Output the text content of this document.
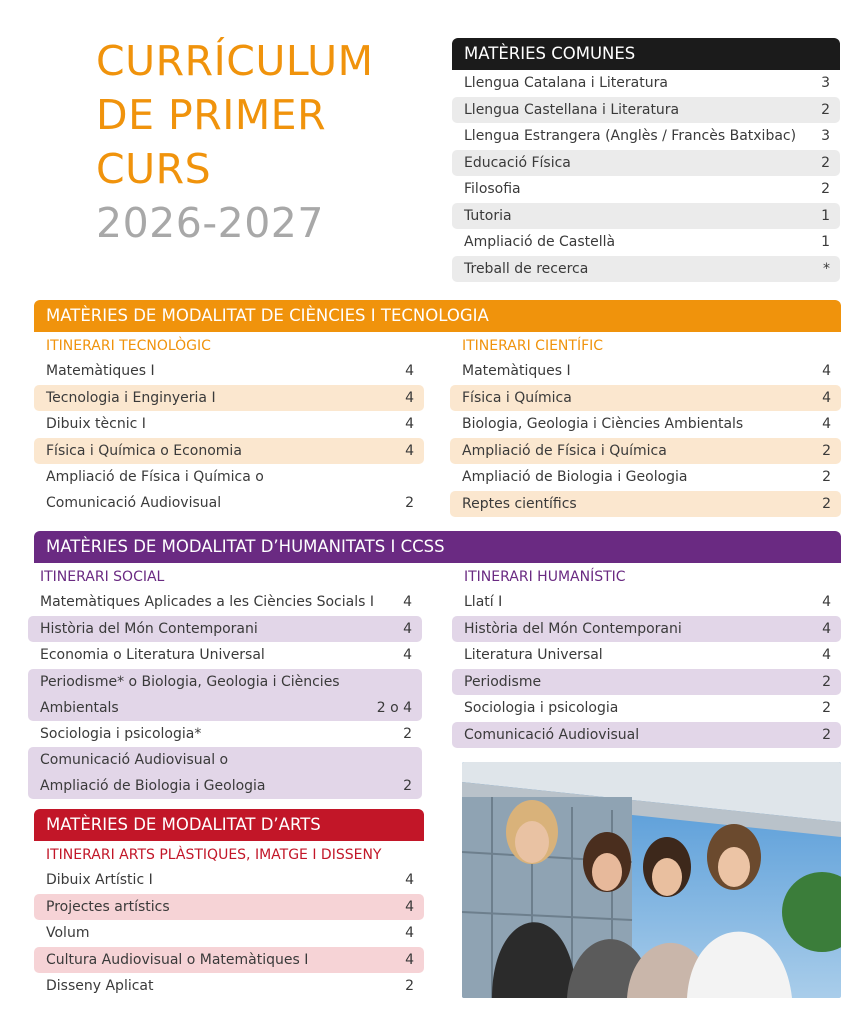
CURRÍCULUM
DE PRIMER
CURS
2026-2027
MATÈRIES COMUNES
Llengua Catalana i Literatura	3
Llengua Castellana i Literatura	2
Llengua Estrangera (Anglès / Francès Batxibac) 3
Educació Física	2
Filosofia	2
Tutoria	1
Ampliació de Castellà	1
Treball de recerca	*
MATÈRIES DE MODALITAT DE CIÈNCIES I TECNOLOGIA
ITINERARI TECNOLÒGIC
Matemàtiques I	4
Tecnologia i Enginyeria I	4
Dibuix tècnic I	4
Física i Química o Economia	4
Ampliació de Física i Química o
Comunicació Audiovisual	2
ITINERARI CIENTÍFIC
Matemàtiques I	4
Física i Química	4
Biologia, Geologia i Ciències Ambientals	4
Ampliació de Física i Química	2
Ampliació de Biologia i Geologia	2
Reptes científics	2
MATÈRIES DE MODALITAT D’HUMANITATS I CCSS
ITINERARI SOCIAL
Matemàtiques Aplicades a les Ciències Socials I 4
Història del Món Contemporani	4
Economia o Literatura Universal	4
Periodisme* o Biologia, Geologia i Ciències
Ambientals	2 o 4
Sociologia i psicologia*	2
Comunicació Audiovisual o
Ampliació de Biologia i Geologia	2
ITINERARI HUMANÍSTIC
Llatí I	4
Història del Món Contemporani	4
Literatura Universal	4
Periodisme	2
Sociologia i psicologia	2
Comunicació Audiovisual	2
MATÈRIES DE MODALITAT D’ARTS
ITINERARI ARTS PLÀSTIQUES, IMATGE I DISSENY
Dibuix Artístic I	4
Projectes artístics	4
Volum	4
Cultura Audiovisual o Matemàtiques I	4
Disseny Aplicat	2
